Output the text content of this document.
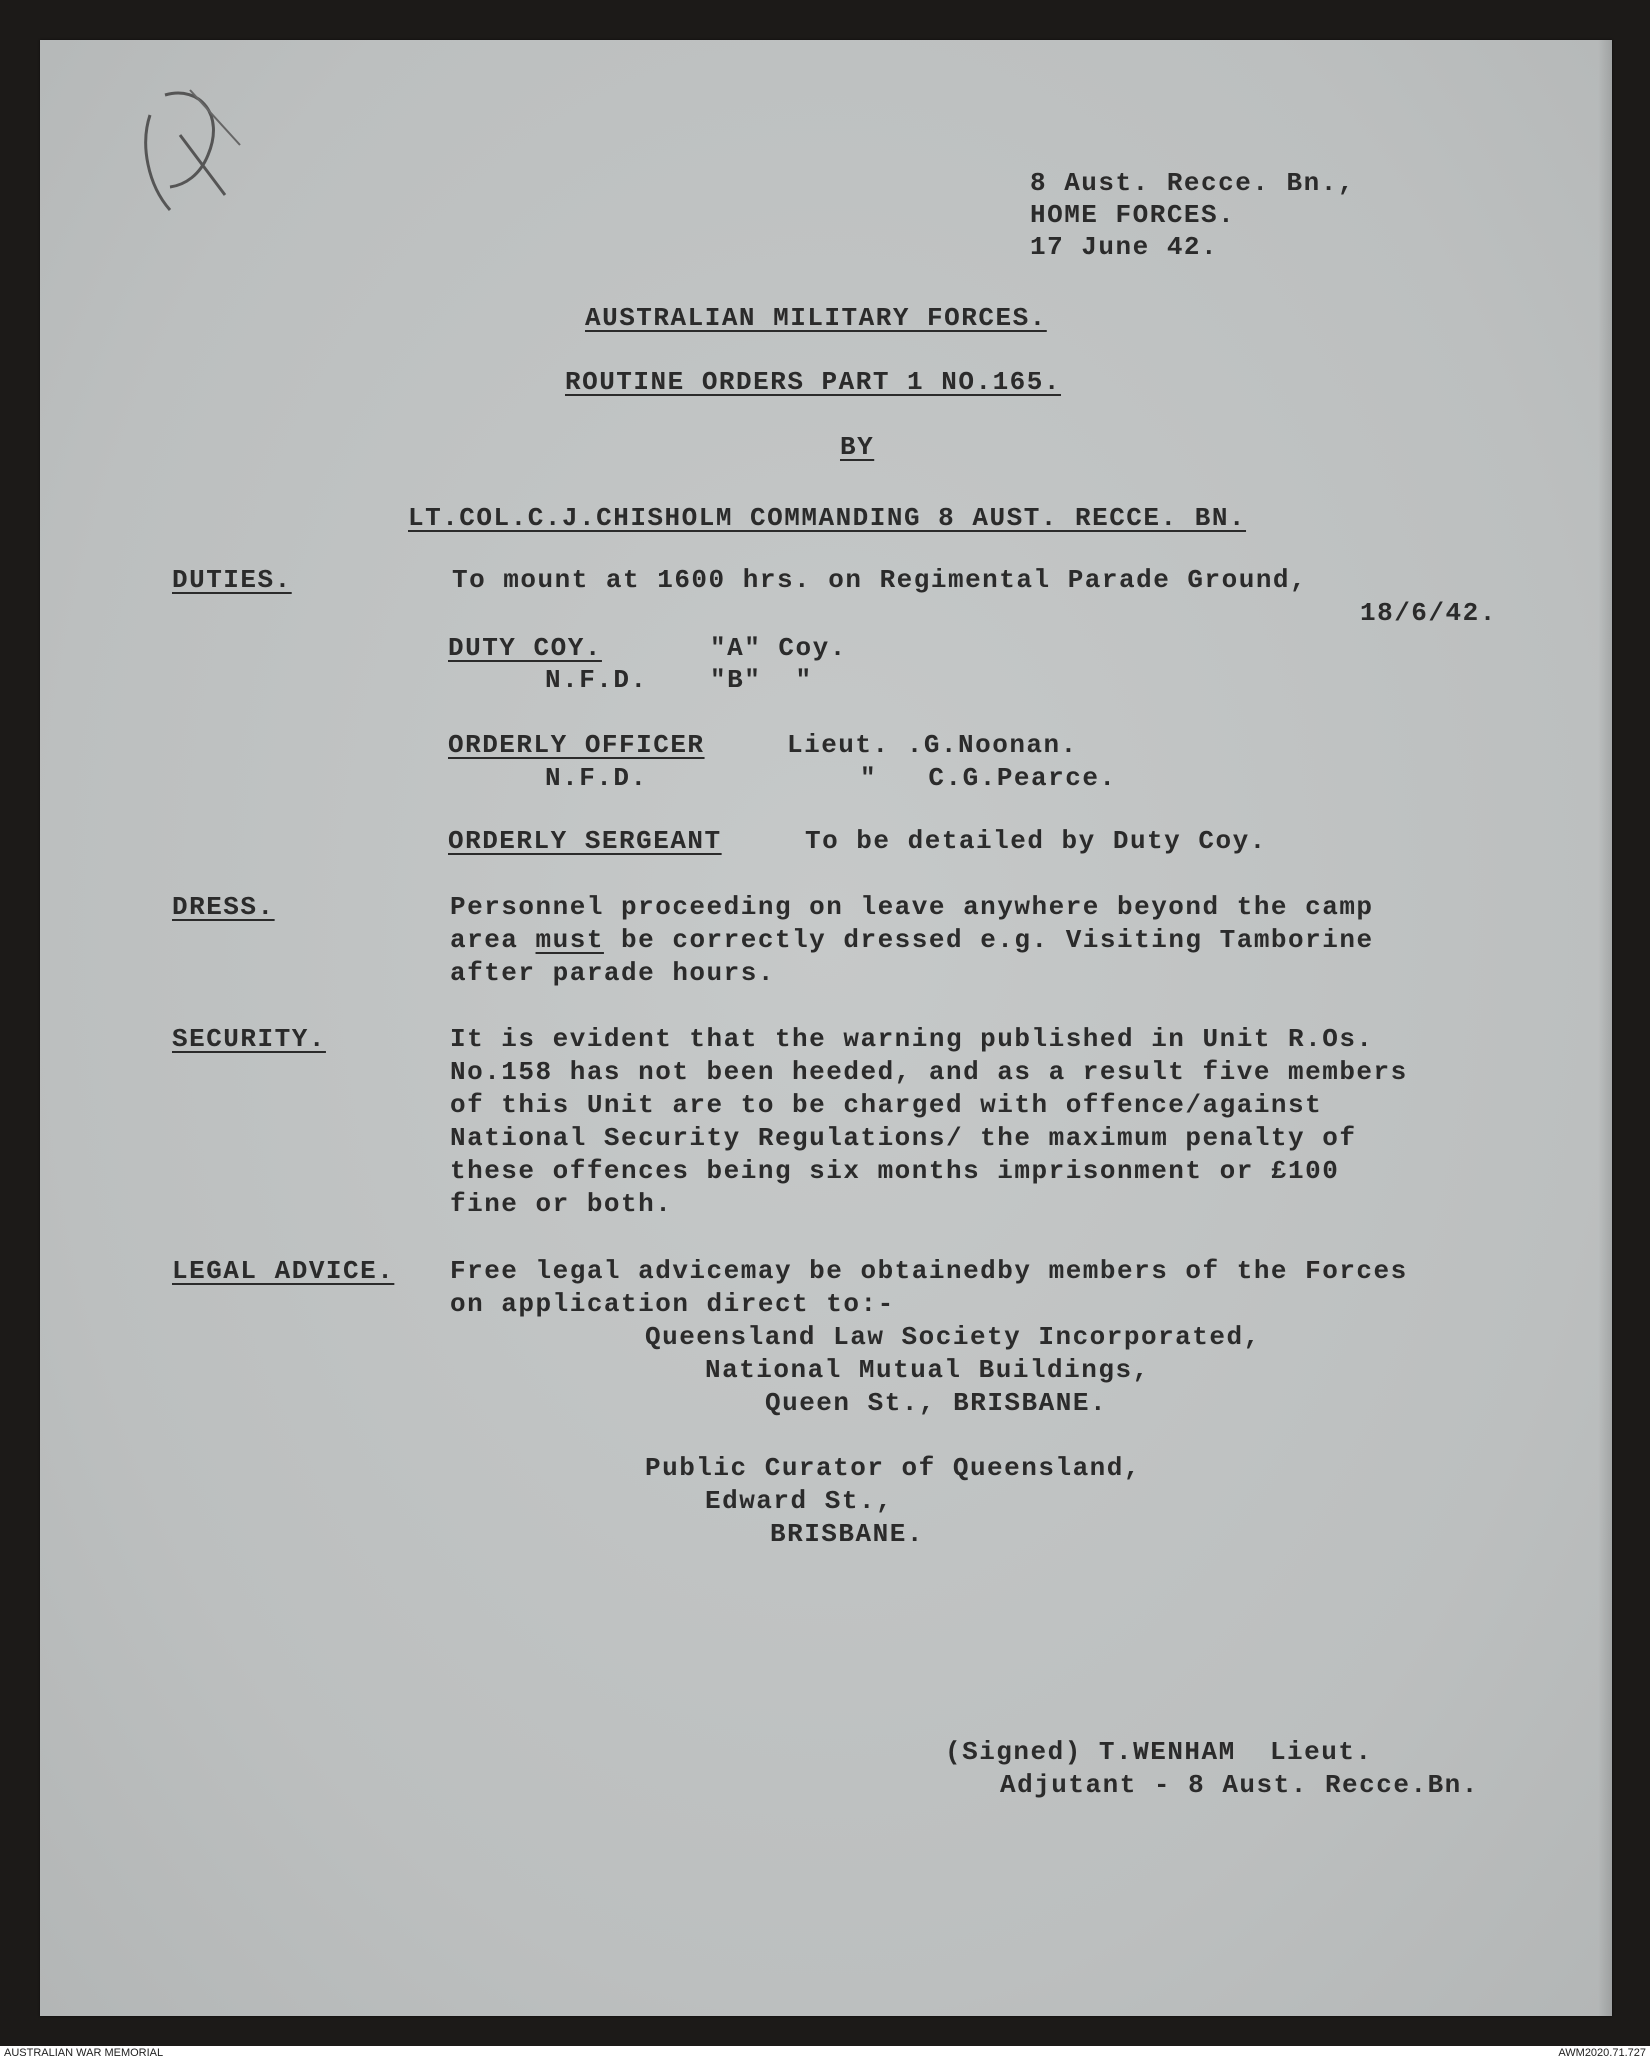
8 Aust. Recce. Bn.,
HOME FORCES.
17 June 42.
AUSTRALIAN MILITARY FORCES.
ROUTINE ORDERS PART 1 NO.165.
BY
LT.COL.C.J.CHISHOLM COMMANDING 8 AUST. RECCE. BN.
DUTIES.	To mount at 1600 hrs. on Regimental Parade Ground,
18/6/42.
DUTY COY.	"A" Coy.
N.F.D. "B"  "
ORDERLY OFFICER	Lieut. .G.Noonan.
N.F.D.	"   C.G.Pearce.
ORDERLY SERGEANT	To be detailed by Duty Coy.
DRESS.	Personnel proceeding on leave anywhere beyond the camp
area must be correctly dressed e.g. Visiting Tamborine
after parade hours.
SECURITY.	It is evident that the warning published in Unit R.Os.
No.158 has not been heeded, and as a result five members
of this Unit are to be charged with offence/against
National Security Regulations/ the maximum penalty of
these offences being six months imprisonment or £100
fine or both.
LEGAL ADVICE. Free legal advicemay be obtainedby members of the Forces
on application direct to:-
Queensland Law Society Incorporated,
National Mutual Buildings,
Queen St., BRISBANE.
Public Curator of Queensland,
Edward St.,
BRISBANE.
(Signed) T.WENHAM  Lieut.
Adjutant - 8 Aust. Recce.Bn.
AUSTRALIAN WAR MEMORIAL	AWM2020.71.727
